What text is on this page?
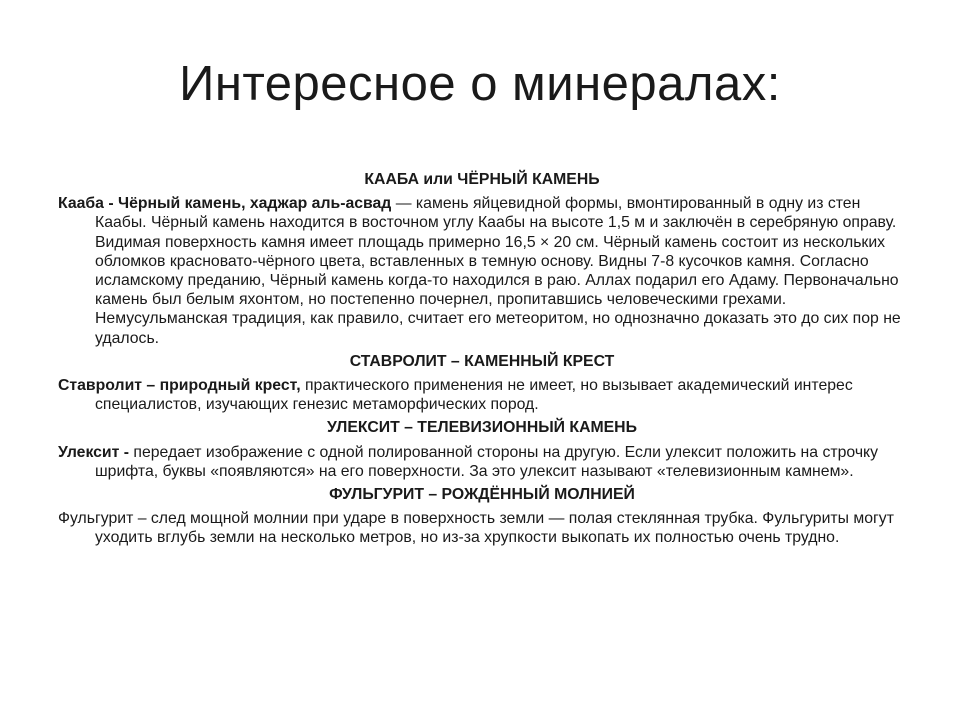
Интересное о минералах:
КААБА или ЧЁРНЫЙ КАМЕНЬ
Кааба - Чёрный камень, хаджар аль-асвад — камень яйцевидной формы, вмонтированный в одну из стен Каабы. Чёрный камень находится в восточном углу Каабы на высоте 1,5 м и заключён в серебряную оправу. Видимая поверхность камня имеет площадь примерно 16,5 × 20 см. Чёрный камень состоит из нескольких обломков красновато-чёрного цвета, вставленных в темную основу. Видны 7-8 кусочков камня. Согласно исламскому преданию, Чёрный камень когда-то находился в раю. Аллах подарил его Адаму. Первоначально камень был белым яхонтом, но постепенно почернел, пропитавшись человеческими грехами. Немусульманская традиция, как правило, считает его метеоритом, но однозначно доказать это до сих пор не удалось.
СТАВРОЛИТ – КАМЕННЫЙ КРЕСТ
Ставролит – природный крест, практического применения не имеет, но вызывает академический интерес специалистов, изучающих генезис метаморфических пород.
УЛЕКСИТ – ТЕЛЕВИЗИОННЫЙ КАМЕНЬ
Улексит - передает изображение с одной полированной стороны на другую. Если улексит положить на строчку шрифта, буквы «появляются» на его поверхности. За это улексит называют «телевизионным камнем».
ФУЛЬГУРИТ – РОЖДЁННЫЙ МОЛНИЕЙ
Фульгурит – след мощной молнии при ударе в поверхность земли — полая стеклянная трубка. Фульгуриты могут уходить вглубь земли на несколько метров, но из-за хрупкости выкопать их полностью очень трудно.
